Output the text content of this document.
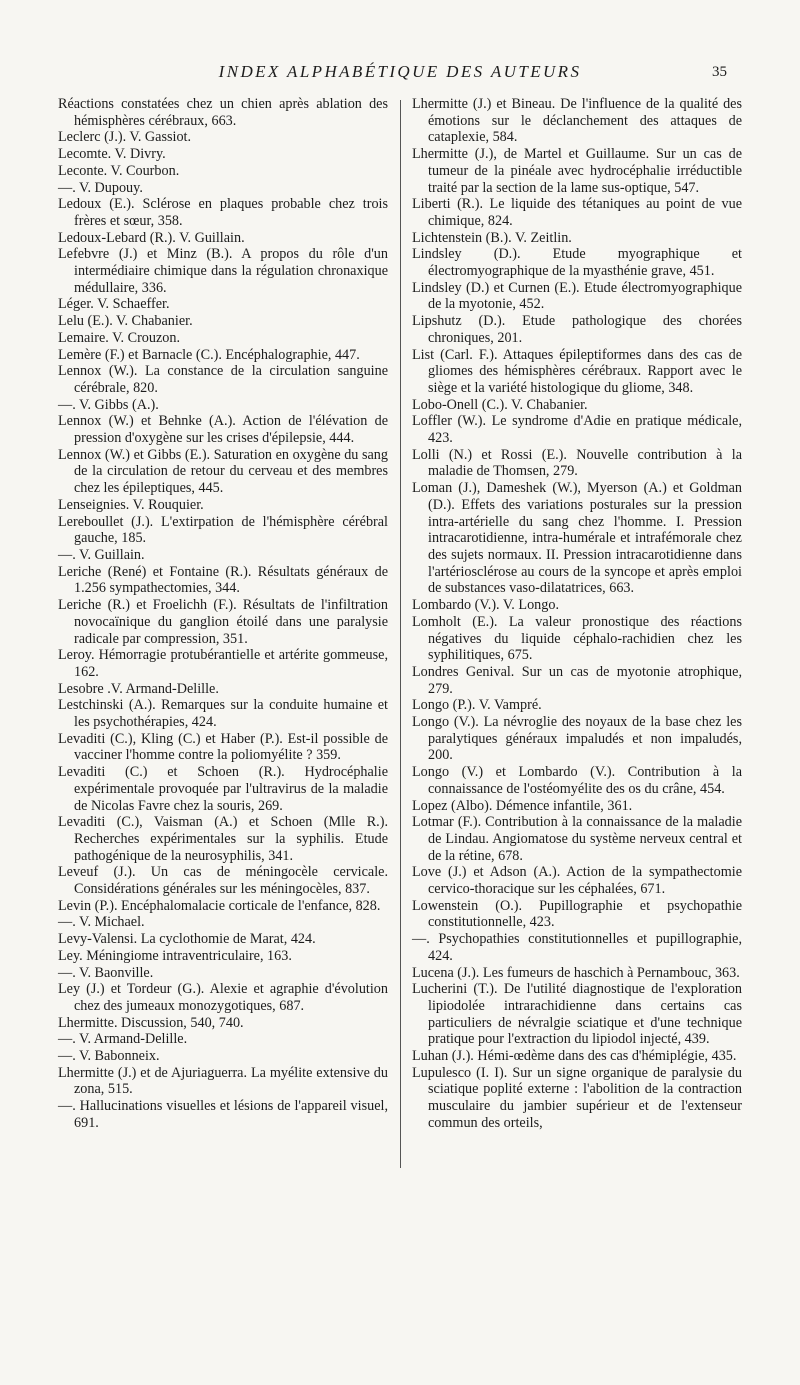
INDEX ALPHABÉTIQUE DES AUTEURS	35

Réactions constatées chez un chien après ablation des hémisphères cérébraux, 663.

Leclerc (J.). V. Gassiot.

Lecomte. V. Divry.

Leconte. V. Courbon.

—. V. Dupouy.

Ledoux (E.). Sclérose en plaques probable chez trois frères et sœur, 358.

Ledoux-Lebard (R.). V. Guillain.

Lefebvre (J.) et Minz (B.). A propos du rôle d'un intermédiaire chimique dans la régulation chronaxique médullaire, 336.

Léger. V. Schaeffer.

Lelu (E.). V. Chabanier.

Lemaire. V. Crouzon.

Lemère (F.) et Barnacle (C.). Encéphalographie, 447.

Lennox (W.). La constance de la circulation sanguine cérébrale, 820.

—. V. Gibbs (A.).

Lennox (W.) et Behnke (A.). Action de l'élévation de pression d'oxygène sur les crises d'épilepsie, 444.

Lennox (W.) et Gibbs (E.). Saturation en oxygène du sang de la circulation de retour du cerveau et des membres chez les épileptiques, 445.

Lenseignies. V. Rouquier.

Lereboullet (J.). L'extirpation de l'hémisphère cérébral gauche, 185.

—. V. Guillain.

Leriche (René) et Fontaine (R.). Résultats généraux de 1.256 sympathectomies, 344.

Leriche (R.) et Froelichh (F.). Résultats de l'infiltration novocaïnique du ganglion étoilé dans une paralysie radicale par compression, 351.

Leroy. Hémorragie protubérantielle et artérite gommeuse, 162.

Lesobre .V. Armand-Delille.

Lestchinski (A.). Remarques sur la conduite humaine et les psychothérapies, 424.

Levaditi (C.), Kling (C.) et Haber (P.). Est-il possible de vacciner l'homme contre la poliomyélite ? 359.

Levaditi (C.) et Schoen (R.). Hydrocéphalie expérimentale provoquée par l'ultravirus de la maladie de Nicolas Favre chez la souris, 269.

Levaditi (C.), Vaisman (A.) et Schoen (Mlle R.). Recherches expérimentales sur la syphilis. Etude pathogénique de la neurosyphilis, 341.

Leveuf (J.). Un cas de méningocèle cervicale. Considérations générales sur les méningocèles, 837.

Levin (P.). Encéphalomalacie corticale de l'enfance, 828.

—. V. Michael.

Levy-Valensi. La cyclothomie de Marat, 424.

Ley. Méningiome intraventriculaire, 163.

—. V. Baonville.

Ley (J.) et Tordeur (G.). Alexie et agraphie d'évolution chez des jumeaux monozygotiques, 687.

Lhermitte. Discussion, 540, 740.

—. V. Armand-Delille.

—. V. Babonneix.

Lhermitte (J.) et de Ajuriaguerra. La myélite extensive du zona, 515.

—. Hallucinations visuelles et lésions de l'appareil visuel, 691.

Lhermitte (J.) et Bineau. De l'influence de la qualité des émotions sur le déclanchement des attaques de cataplexie, 584.

Lhermitte (J.), de Martel et Guillaume. Sur un cas de tumeur de la pinéale avec hydrocéphalie irréductible traité par la section de la lame sus-optique, 547.

Liberti (R.). Le liquide des tétaniques au point de vue chimique, 824.

Lichtenstein (B.). V. Zeitlin.

Lindsley (D.). Etude myographique et électromyographique de la myasthénie grave, 451.

Lindsley (D.) et Curnen (E.). Etude électromyographique de la myotonie, 452.

Lipshutz (D.). Etude pathologique des chorées chroniques, 201.

List (Carl. F.). Attaques épileptiformes dans des cas de gliomes des hémisphères cérébraux. Rapport avec le siège et la variété histologique du gliome, 348.

Lobo-Onell (C.). V. Chabanier.

Loffler (W.). Le syndrome d'Adie en pratique médicale, 423.

Lolli (N.) et Rossi (E.). Nouvelle contribution à la maladie de Thomsen, 279.

Loman (J.), Dameshek (W.), Myerson (A.) et Goldman (D.). Effets des variations posturales sur la pression intra-artérielle du sang chez l'homme. I. Pression intracarotidienne, intra-humérale et intrafémorale chez des sujets normaux. II. Pression intracarotidienne dans l'artériosclérose au cours de la syncope et après emploi de substances vaso-dilatatrices, 663.

Lombardo (V.). V. Longo.

Lomholt (E.). La valeur pronostique des réactions négatives du liquide céphalo-rachidien chez les syphilitiques, 675.

Londres Genival. Sur un cas de myotonie atrophique, 279.

Longo (P.). V. Vampré.

Longo (V.). La névroglie des noyaux de la base chez les paralytiques généraux impaludés et non impaludés, 200.

Longo (V.) et Lombardo (V.). Contribution à la connaissance de l'ostéomyélite des os du crâne, 454.

Lopez (Albo). Démence infantile, 361.

Lotmar (F.). Contribution à la connaissance de la maladie de Lindau. Angiomatose du système nerveux central et de la rétine, 678.

Love (J.) et Adson (A.). Action de la sympathectomie cervico-thoracique sur les céphalées, 671.

Lowenstein (O.). Pupillographie et psychopathie constitutionnelle, 423.

—. Psychopathies constitutionnelles et pupillographie, 424.

Lucena (J.). Les fumeurs de haschich à Pernambouc, 363.

Lucherini (T.). De l'utilité diagnostique de l'exploration lipiodolée intrarachidienne dans certains cas particuliers de névralgie sciatique et d'une technique pratique pour l'extraction du lipiodol injecté, 439.

Luhan (J.). Hémi-œdème dans des cas d'hémiplégie, 435.

Lupulesco (I. I). Sur un signe organique de paralysie du sciatique poplité externe : l'abolition de la contraction musculaire du jambier supérieur et de l'extenseur commun des orteils,
